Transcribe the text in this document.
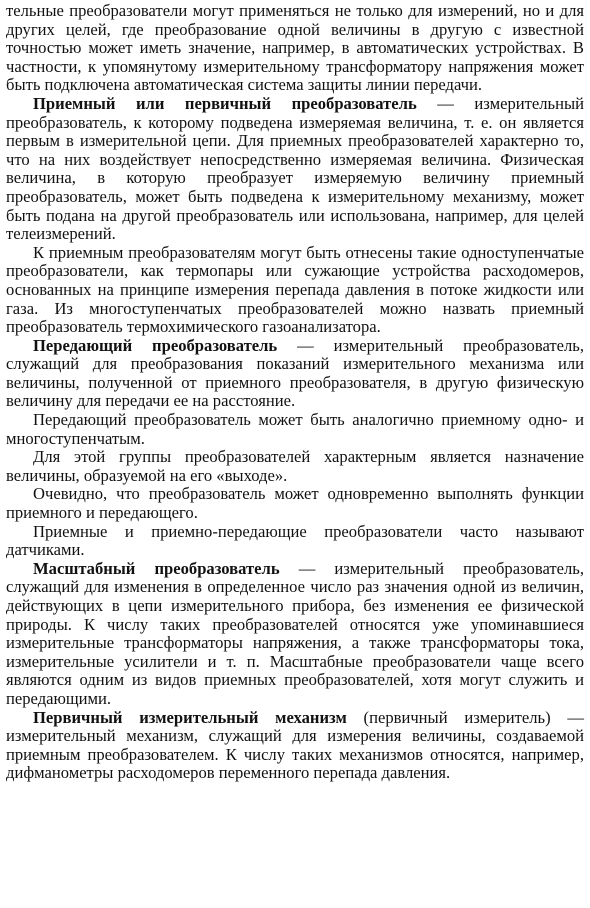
тельные преобразователи могут применяться не только для измерений, но и для других целей, где преобразование одной величины в другую с известной точностью может иметь значение, например, в автоматических устройствах. В частности, к упомянутому измерительному трансформатору напряжения может быть подключена автоматическая система защиты линии передачи.

Приемный или первичный преобразователь — измерительный преобразователь, к которому подведена измеряемая величина, т. е. он является первым в измерительной цепи. Для приемных преобразователей характерно то, что на них воздействует непосредственно измеряемая величина. Физическая величина, в которую преобразует измеряемую величину приемный преобразователь, может быть подведена к измерительному механизму, может быть подана на другой преобразователь или использована, например, для целей телеизмерений.

К приемным преобразователям могут быть отнесены такие одноступенчатые преобразователи, как термопары или сужающие устройства расходомеров, основанных на принципе измерения перепада давления в потоке жидкости или газа. Из многоступенчатых преобразователей можно назвать приемный преобразователь термохимического газоанализатора.

Передающий преобразователь — измерительный преобразователь, служащий для преобразования показаний измерительного механизма или величины, полученной от приемного преобразователя, в другую физическую величину для передачи ее на расстояние.

Передающий преобразователь может быть аналогично приемному одно- и многоступенчатым.

Для этой группы преобразователей характерным является назначение величины, образуемой на его «выходе».

Очевидно, что преобразователь может одновременно выполнять функции приемного и передающего.

Приемные и приемно-передающие преобразователи часто называют датчиками.

Масштабный преобразователь — измерительный преобразователь, служащий для изменения в определенное число раз значения одной из величин, действующих в цепи измерительного прибора, без изменения ее физической природы. К числу таких преобразователей относятся уже упоминавшиеся измерительные трансформаторы напряжения, а также трансформаторы тока, измерительные усилители и т. п. Масштабные преобразователи чаще всего являются одним из видов приемных преобразователей, хотя могут служить и передающими.

Первичный измерительный механизм (первичный измеритель) — измерительный механизм, служащий для измерения величины, создаваемой приемным преобразователем. К числу таких механизмов относятся, например, дифманометры расходомеров переменного перепада давления.
